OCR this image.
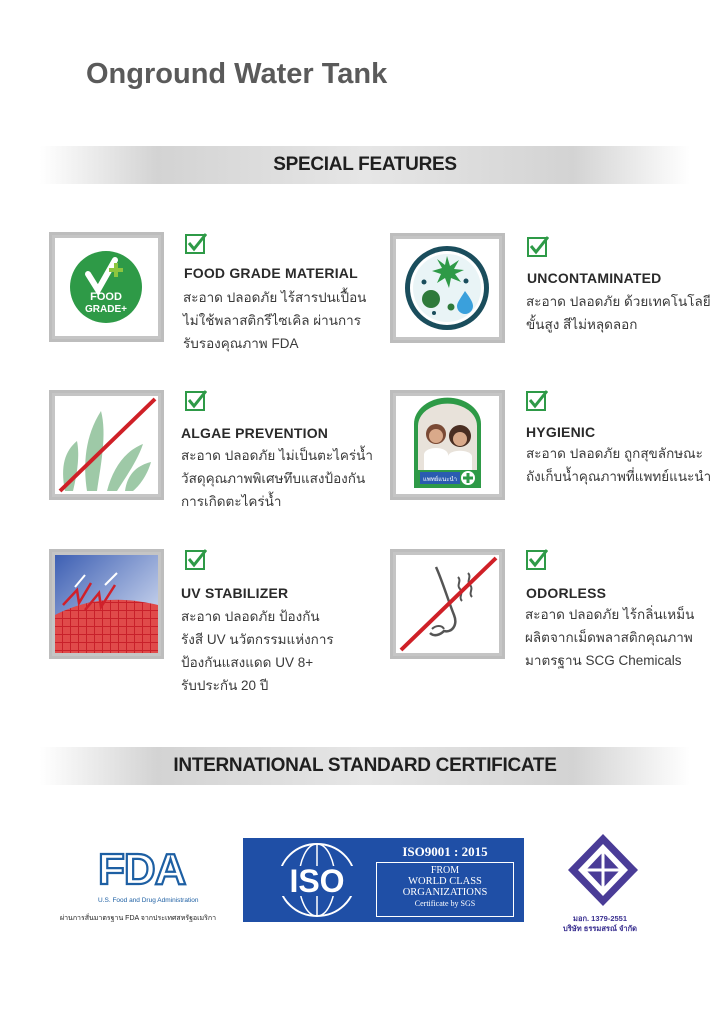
Onground Water Tank
SPECIAL FEATURES
FOOD
GRADE+
FOOD GRADE MATERIAL
สะอาด ปลอดภัย ไร้สารปนเปื้อน
ไม่ใช้พลาสติกรีไซเคิล ผ่านการ
รับรองคุณภาพ FDA
UNCONTAMINATED
สะอาด ปลอดภัย ด้วยเทคโนโลยี
ขั้นสูง สีไม่หลุดลอก
ALGAE PREVENTION
สะอาด ปลอดภัย ไม่เป็นตะไคร่น้ำ
วัสดุคุณภาพพิเศษทึบแสงป้องกัน
การเกิดตะไคร่น้ำ
แพทย์แนะนำ
HYGIENIC
สะอาด ปลอดภัย ถูกสุขลักษณะ
ถังเก็บน้ำคุณภาพที่แพทย์แนะนำ
UV STABILIZER
สะอาด ปลอดภัย ป้องกัน
รังสี UV นวัตกรรมแห่งการ
ป้องกันแสงแดด UV 8+
รับประกัน 20 ปี
ODORLESS
สะอาด ปลอดภัย ไร้กลิ่นเหม็น
ผลิตจากเม็ดพลาสติกคุณภาพ
มาตรฐาน SCG Chemicals
INTERNATIONAL STANDARD CERTIFICATE
FDA
U.S. Food and Drug Administration
ผ่านการสั่นมาตรฐาน FDA จากประเทศสหรัฐอเมริกา
ISO
ISO9001 : 2015
FROM
WORLD CLASS
ORGANIZATIONS
Certificate by SGS
มอก. 1379-2551
บริษัท ธรรมสรณ์ จำกัด
